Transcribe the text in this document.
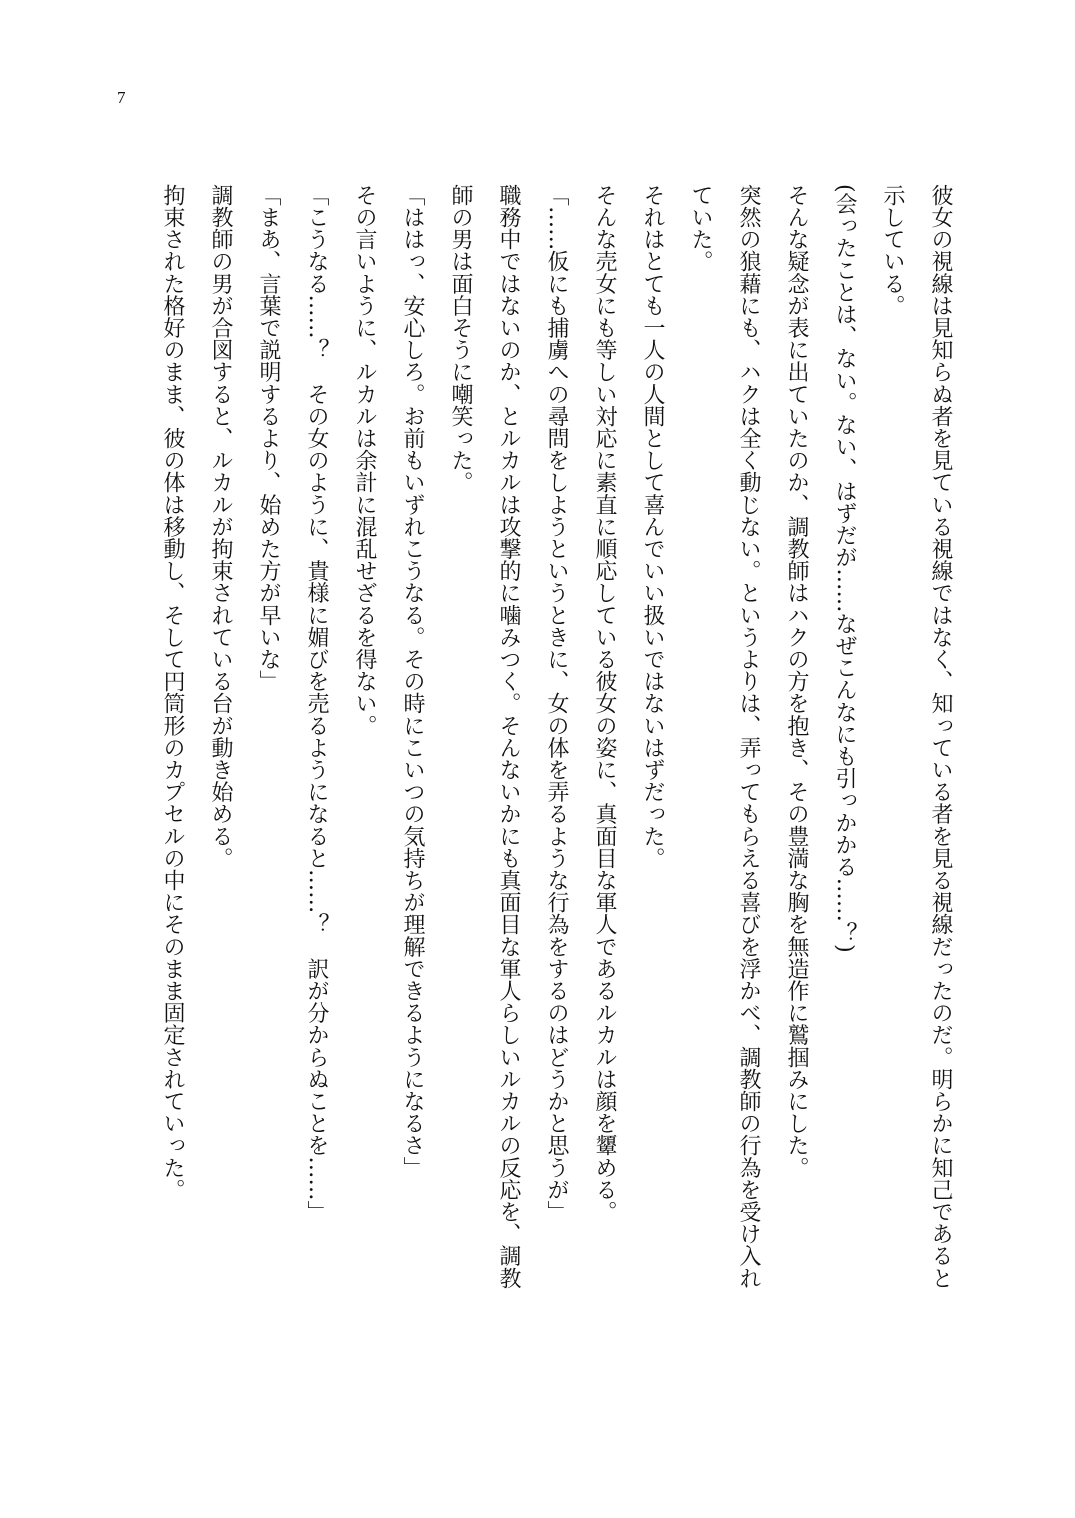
7
彼女の視線は見知らぬ者を見ている視線ではなく、知っている者を見る視線だったのだ。明らかに知己であると
示している。
(会ったことは、ない。ない、はずだが……なぜこんなにも引っかかる……？)
そんな疑念が表に出ていたのか、調教師はハクの方を抱き、その豊満な胸を無造作に鷲掴みにした。
突然の狼藉にも、ハクは全く動じない。というよりは、弄ってもらえる喜びを浮かべ、調教師の行為を受け入れ
ていた。
それはとても一人の人間として喜んでいい扱いではないはずだった。
そんな売女にも等しい対応に素直に順応している彼女の姿に、真面目な軍人であるルカルは顔を顰める。
「……仮にも捕虜への尋問をしようというときに、女の体を弄るような行為をするのはどうかと思うが」
職務中ではないのか、とルカルは攻撃的に噛みつく。そんないかにも真面目な軍人らしいルカルの反応を、調教
師の男は面白そうに嘲笑った。
「ははっ、安心しろ。お前もいずれこうなる。その時にこいつの気持ちが理解できるようになるさ」
その言いように、ルカルは余計に混乱せざるを得ない。
「こうなる……？　その女のように、貴様に媚びを売るようになると……？　訳が分からぬことを……」
「まあ、言葉で説明するより、始めた方が早いな」
調教師の男が合図すると、ルカルが拘束されている台が動き始める。
拘束された格好のまま、彼の体は移動し、そして円筒形のカプセルの中にそのまま固定されていった。
